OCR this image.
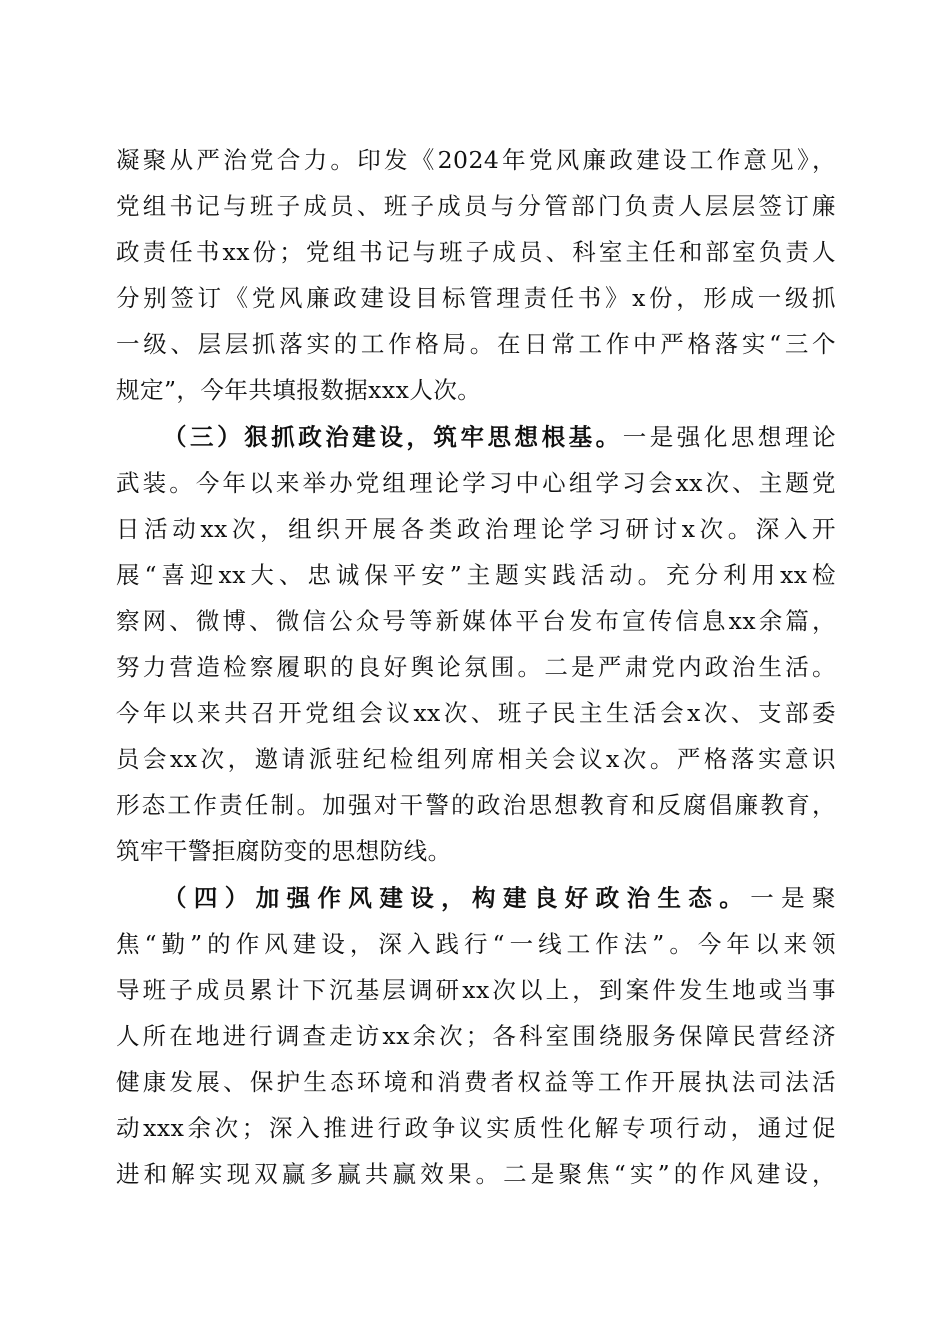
凝聚从严治党合力。印发《2024年党风廉政建设工作意见》，
党组书记与班子成员、班子成员与分管部门负责人层层签订廉
政责任书xx份；党组书记与班子成员、科室主任和部室负责人
分别签订《党风廉政建设目标管理责任书》x份，形成一级抓
一级、层层抓落实的工作格局。在日常工作中严格落实“三个
规定”，今年共填报数据xxx人次。
（三）狠抓政治建设，筑牢思想根基。一是强化思想理论
武装。今年以来举办党组理论学习中心组学习会xx次、主题党
日活动xx次，组织开展各类政治理论学习研讨x次。深入开
展“喜迎xx大、忠诚保平安”主题实践活动。充分利用xx检
察网、微博、微信公众号等新媒体平台发布宣传信息xx余篇，
努力营造检察履职的良好舆论氛围。二是严肃党内政治生活。
今年以来共召开党组会议xx次、班子民主生活会x次、支部委
员会xx次，邀请派驻纪检组列席相关会议x次。严格落实意识
形态工作责任制。加强对干警的政治思想教育和反腐倡廉教育，
筑牢干警拒腐防变的思想防线。
（四）加强作风建设，构建良好政治生态。一是聚
焦“勤”的作风建设，深入践行“一线工作法”。今年以来领
导班子成员累计下沉基层调研xx次以上，到案件发生地或当事
人所在地进行调查走访xx余次；各科室围绕服务保障民营经济
健康发展、保护生态环境和消费者权益等工作开展执法司法活
动xxx余次；深入推进行政争议实质性化解专项行动，通过促
进和解实现双赢多赢共赢效果。二是聚焦“实”的作风建设，
